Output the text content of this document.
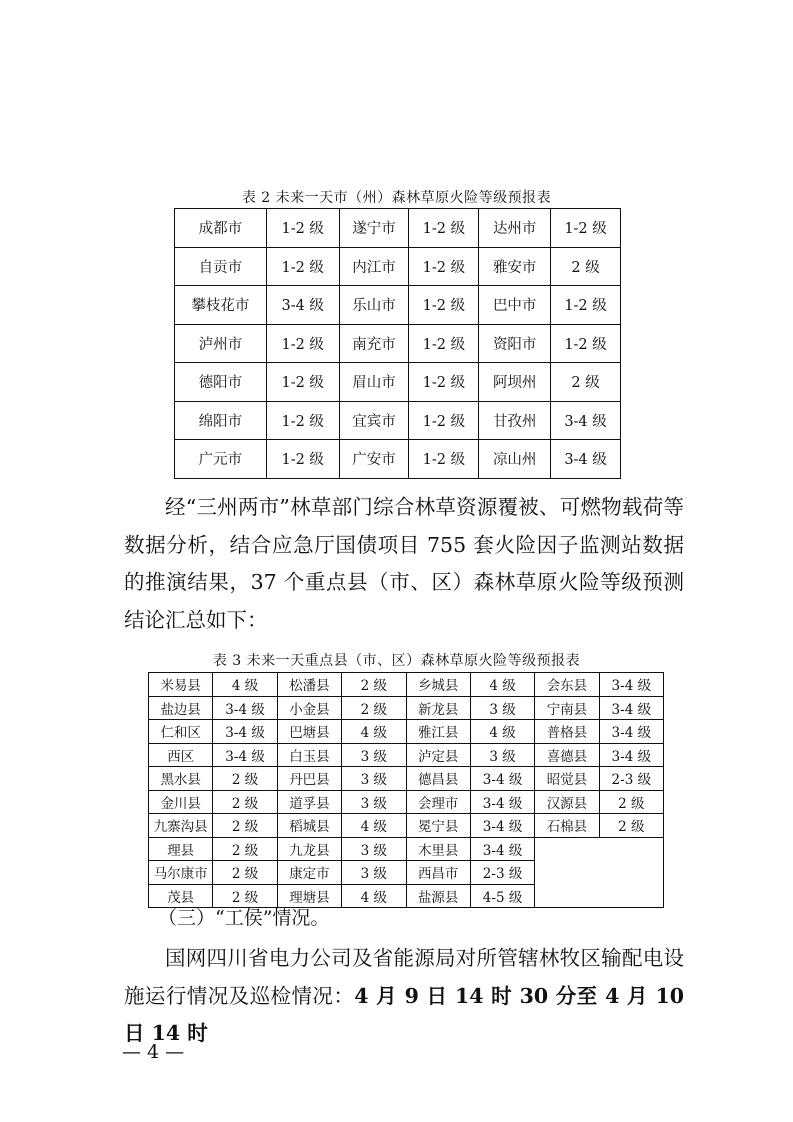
表 2 未来一天市（州）森林草原火险等级预报表
成都市	1-2 级	遂宁市	1-2 级	达州市	1-2 级
自贡市	1-2 级	内江市	1-2 级	雅安市	2 级
攀枝花市	3-4 级	乐山市	1-2 级	巴中市	1-2 级
泸州市	1-2 级	南充市	1-2 级	资阳市	1-2 级
德阳市	1-2 级	眉山市	1-2 级	阿坝州	2 级
绵阳市	1-2 级	宜宾市	1-2 级	甘孜州	3-4 级
广元市	1-2 级	广安市	1-2 级	凉山州	3-4 级

经“三州两市”林草部门综合林草资源覆被、可燃物载荷等数据分析，结合应急厅国债项目 755 套火险因子监测站数据的推演结果，37 个重点县（市、区）森林草原火险等级预测结论汇总如下：

表 3 未来一天重点县（市、区）森林草原火险等级预报表
米易县	4 级	松潘县	2 级	乡城县	4 级	会东县	3-4 级
盐边县	3-4 级	小金县	2 级	新龙县	3 级	宁南县	3-4 级
仁和区	3-4 级	巴塘县	4 级	雅江县	4 级	普格县	3-4 级
西区	3-4 级	白玉县	3 级	泸定县	3 级	喜德县	3-4 级
黑水县	2 级	丹巴县	3 级	德昌县	3-4 级	昭觉县	2-3 级
金川县	2 级	道孚县	3 级	会理市	3-4 级	汉源县	2 级
九寨沟县	2 级	稻城县	4 级	冕宁县	3-4 级	石棉县	2 级
理县	2 级	九龙县	3 级	木里县	3-4 级		
马尔康市	2 级	康定市	3 级	西昌市	2-3 级		
茂县	2 级	理塘县	4 级	盐源县	4-5 级		
（三）“工侯”情况。

国网四川省电力公司及省能源局对所管辖林牧区输配电设施运行情况及巡检情况：4 月 9 日 14 时 30 分至 4 月 10 日 14 时

— 4 —
